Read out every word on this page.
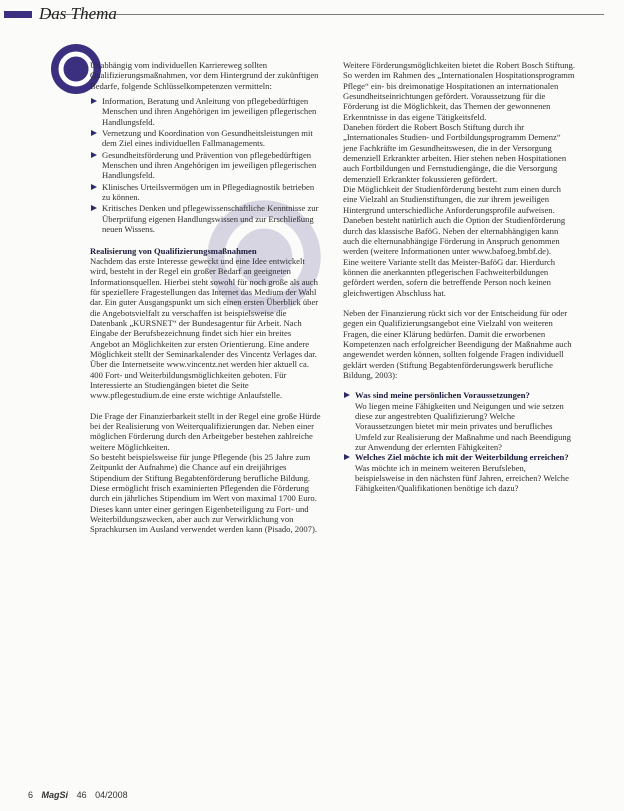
Das Thema

Unabhängig vom individuellen Karriereweg sollten Qualifizierungsmaßnahmen, vor dem Hintergrund der zukünftigen Bedarfe, folgende Schlüsselkompetenzen vermitteln:

Information, Beratung und Anleitung von pflegebedürftigen Menschen und ihren Angehörigen im jeweiligen pflegerischen Handlungsfeld.
Vernetzung und Koordination von Gesundheitsleistungen mit dem Ziel eines individuellen Fallmanagements.
Gesundheitsförderung und Prävention von pflegebedürftigen Menschen und ihren Angehörigen im jeweiligen pflegerischen Handlungsfeld.
Klinisches Urteilsvermögen um in Pflegediagnostik betrieben zu können.
Kritisches Denken und pflegewissenschaftliche Kenntnisse zur Überprüfung eigenen Handlungswissen und zur Erschließung neuen Wissens.

Realisierung von Qualifizierungsmaßnahmen

Nachdem das erste Interesse geweckt und eine Idee entwickelt wird, besteht in der Regel ein großer Bedarf an geeigneten Informationsquellen. Hierbei steht sowohl für noch große als auch für speziellere Fragestellungen das Internet das Medium der Wahl dar. Ein guter Ausgangspunkt um sich einen ersten Überblick über die Angebotsvielfalt zu verschaffen ist beispielsweise die Datenbank „KURSNET“ der Bundesagentur für Arbeit. Nach Eingabe der Berufsbezeichnung findet sich hier ein breites Angebot an Möglichkeiten zur ersten Orientierung. Eine andere Möglichkeit stellt der Seminarkalender des Vincentz Verlages dar. Über die Internetseite www.vincentz.net werden hier aktuell ca. 400 Fort- und Weiterbildungsmöglichkeiten geboten. Für Interessierte an Studiengängen bietet die Seite www.pflegestudium.de eine erste wichtige Anlaufstelle.

Die Frage der Finanzierbarkeit stellt in der Regel eine große Hürde bei der Realisierung von Weiterqualifizierungen dar. Neben einer möglichen Förderung durch den Arbeitgeber bestehen zahlreiche weitere Möglichkeiten.

So besteht beispielsweise für junge Pflegende (bis 25 Jahre zum Zeitpunkt der Aufnahme) die Chance auf ein dreijähriges Stipendium der Stiftung Begabtenförderung berufliche Bildung. Diese ermöglicht frisch examinierten Pflegenden die Förderung durch ein jährliches Stipendium im Wert von maximal 1700 Euro. Dieses kann unter einer geringen Eigenbeteiligung zu Fort- und Weiterbildungszwecken, aber auch zur Verwirklichung von Sprachkursen im Ausland verwendet werden kann (Pisado, 2007).

Weitere Förderungsmöglichkeiten bietet die Robert Bosch Stiftung. So werden im Rahmen des „Internationalen Hospitationsprogramm Pflege“ ein- bis dreimonatige Hospitationen an internationalen Gesundheitseinrichtungen gefördert. Voraussetzung für die Förderung ist die Möglichkeit, das Themen der gewonnenen Erkenntnisse in das eigene Tätigkeitsfeld.

Daneben fördert die Robert Bosch Stiftung durch ihr „Internationales Studien- und Fortbildungsprogramm Demenz“ jene Fachkräfte im Gesundheitswesen, die in der Versorgung demenziell Erkrankter arbeiten. Hier stehen neben Hospitationen auch Fortbildungen und Fernstudiengänge, die die Versorgung demenziell Erkrankter fokussieren gefördert.

Die Möglichkeit der Studienförderung besteht zum einen durch eine Vielzahl an Studienstiftungen, die zur ihrem jeweiligen Hintergrund unterschiedliche Anforderungsprofile aufweisen. Daneben besteht natürlich auch die Option der Studienförderung durch das klassische BaföG. Neben der elternabhängigen kann auch die elternunabhängige Förderung in Anspruch genommen werden (weitere Informationen unter www.bafoeg.bmbf.de).

Eine weitere Variante stellt das Meister-BaföG dar. Hierdurch können die anerkannten pflegerischen Fachweiterbildungen gefördert werden, sofern die betreffende Person noch keinen gleichwertigen Abschluss hat.

Neben der Finanzierung rückt sich vor der Entscheidung für oder gegen ein Qualifizierungsangebot eine Vielzahl von weiteren Fragen, die einer Klärung bedürfen. Damit die erworbenen Kompetenzen nach erfolgreicher Beendigung der Maßnahme auch angewendet werden können, sollten folgende Fragen individuell geklärt werden (Stiftung Begabtenförderungswerk berufliche Bildung, 2003):

Was sind meine persönlichen Voraussetzungen?

Wo liegen meine Fähigkeiten und Neigungen und wie setzen diese zur angestrebten Qualifizierung? Welche Voraussetzungen bietet mir mein privates und berufliches Umfeld zur Realisierung der Maßnahme und nach Beendigung zur Anwendung der erlernten Fähigkeiten?

Welches Ziel möchte ich mit der Weiterbildung erreichen?

Was möchte ich in meinem weiteren Berufsleben, beispielsweise in den nächsten fünf Jahren, erreichen? Welche Fähigkeiten/Qualifikationen benötige ich dazu?

6 MagSi 46 04/2008
